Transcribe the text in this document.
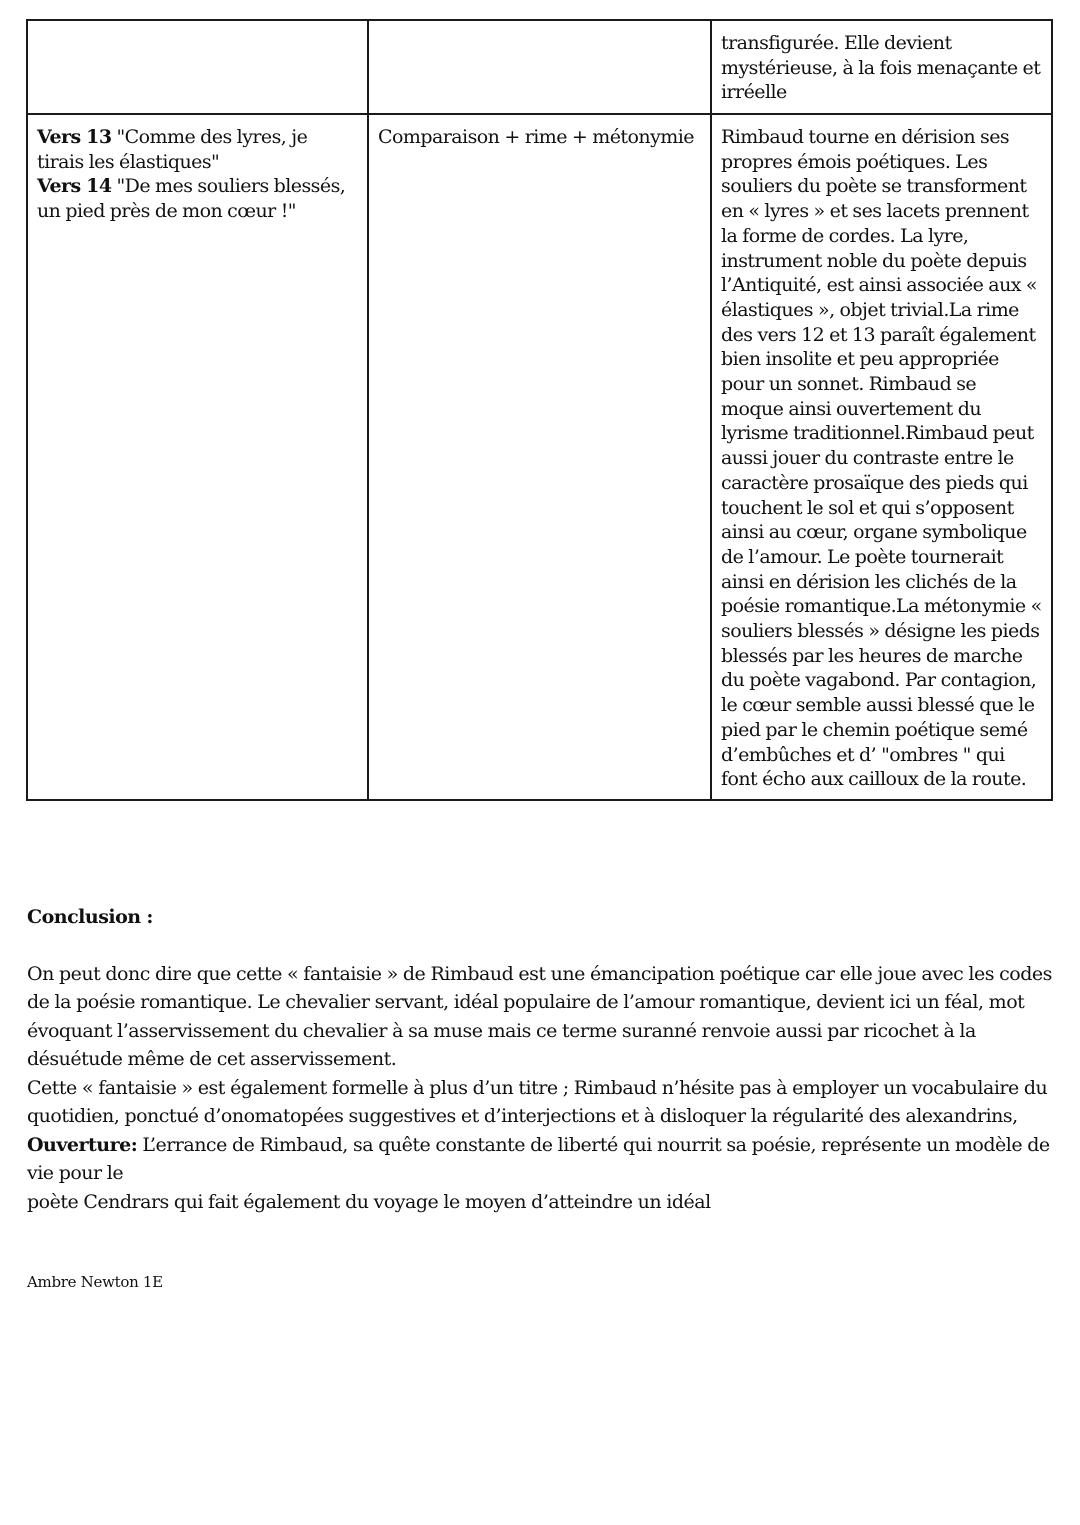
		transfigurée. Elle devient mystérieuse, à la fois menaçante et irréelle
Vers 13 "Comme des lyres, je tirais les élastiques"
Vers 14 "De mes souliers blessés, un pied près de mon cœur !"	Comparaison + rime + métonymie	Rimbaud tourne en dérision ses propres émois poétiques. Les souliers du poète se transforment en « lyres » et ses lacets prennent la forme de cordes. La lyre, instrument noble du poète depuis l’Antiquité, est ainsi associée aux « élastiques », objet trivial.La rime des vers 12 et 13 paraît également bien insolite et peu appropriée pour un sonnet. Rimbaud se moque ainsi ouvertement du lyrisme traditionnel.Rimbaud peut aussi jouer du contraste entre le caractère prosaïque des pieds qui touchent le sol et qui s’opposent ainsi au cœur, organe symbolique de l’amour. Le poète tournerait ainsi en dérision les clichés de la poésie romantique.La métonymie « souliers blessés » désigne les pieds blessés par les heures de marche du poète vagabond. Par contagion, le cœur semble aussi blessé que le pied par le chemin poétique semé d’embûches et d’ "ombres " qui font écho aux cailloux de la route.
Conclusion :

On peut donc dire que cette « fantaisie » de Rimbaud est une émancipation poétique car elle joue avec les codes de la poésie romantique. Le chevalier servant, idéal populaire de l’amour romantique, devient ici un féal, mot évoquant l’asservissement du chevalier à sa muse mais ce terme suranné renvoie aussi par ricochet à la désuétude même de cet asservissement.

Cette « fantaisie » est également formelle à plus d’un titre ; Rimbaud n’hésite pas à employer un vocabulaire du quotidien, ponctué d’onomatopées suggestives et d’interjections et à disloquer la régularité des alexandrins,

Ouverture: L’errance de Rimbaud, sa quête constante de liberté qui nourrit sa poésie, représente un modèle de vie pour le

poète Cendrars qui fait également du voyage le moyen d’atteindre un idéal

Ambre Newton 1E
